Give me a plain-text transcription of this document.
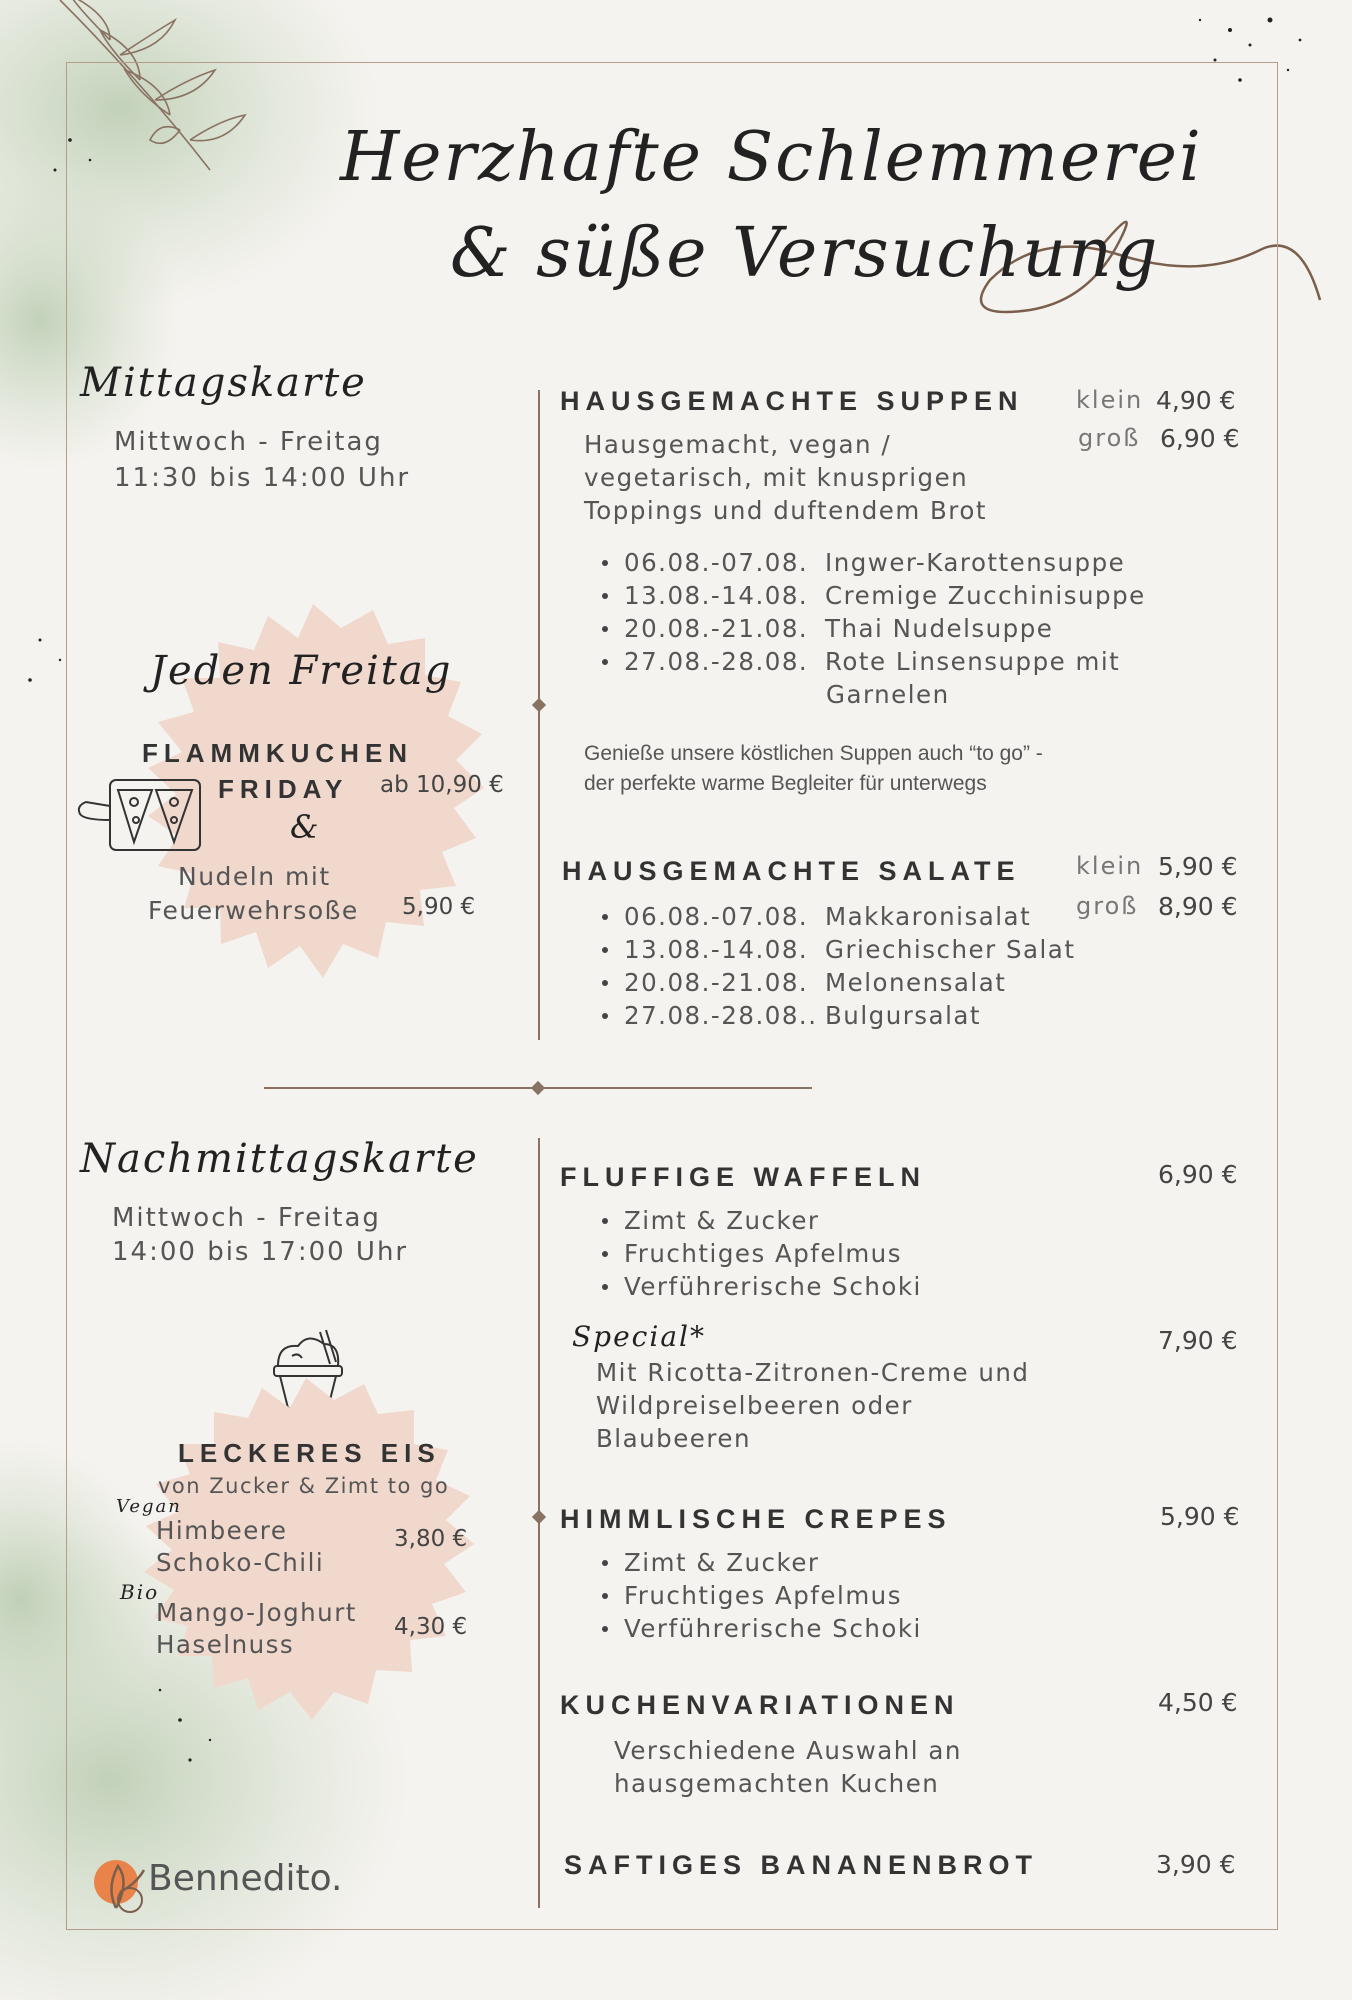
Herzhafte Schlemmerei
& süße Versuchung
Mittagskarte
Mittwoch - Freitag
11:30 bis 14:00 Uhr
Jeden Freitag
FLAMMKUCHEN
FRIDAY ab 10,90 €
&
Nudeln mit
Feuerwehrsoße 5,90 €
HAUSGEMACHTE SUPPEN klein 4,90 €
groß 6,90 €
Hausgemacht, vegan /
vegetarisch, mit knusprigen
Toppings und duftendem Brot
06.08.-07.08. Ingwer-Karottensuppe
13.08.-14.08. Cremige Zucchinisuppe
20.08.-21.08. Thai Nudelsuppe
27.08.-28.08. Rote Linsensuppe mit
Garnelen
Genieße unsere köstlichen Suppen auch “to go” -
der perfekte warme Begleiter für unterwegs
HAUSGEMACHTE SALATE klein 5,90 €
groß 8,90 €
06.08.-07.08. Makkaronisalat
13.08.-14.08. Griechischer Salat
20.08.-21.08. Melonensalat
27.08.-28.08.. Bulgursalat
Nachmittagskarte
Mittwoch - Freitag
14:00 bis 17:00 Uhr
LECKERES EIS
von Zucker & Zimt to go
Vegan
Himbeere
Schoko-Chili
3,80 €
Bio
Mango-Joghurt
Haselnuss
4,30 €
FLUFFIGE WAFFELN	6,90 €
Zimt & Zucker
Fruchtiges Apfelmus
Verführerische Schoki
Special*	7,90 €
Mit Ricotta-Zitronen-Creme und
Wildpreiselbeeren oder
Blaubeeren
HIMMLISCHE CREPES	5,90 €
Zimt & Zucker
Fruchtiges Apfelmus
Verführerische Schoki
KUCHENVARIATIONEN	4,50 €
Verschiedene Auswahl an
hausgemachten Kuchen
SAFTIGES BANANENBROT	3,90 €
Bennedito.
